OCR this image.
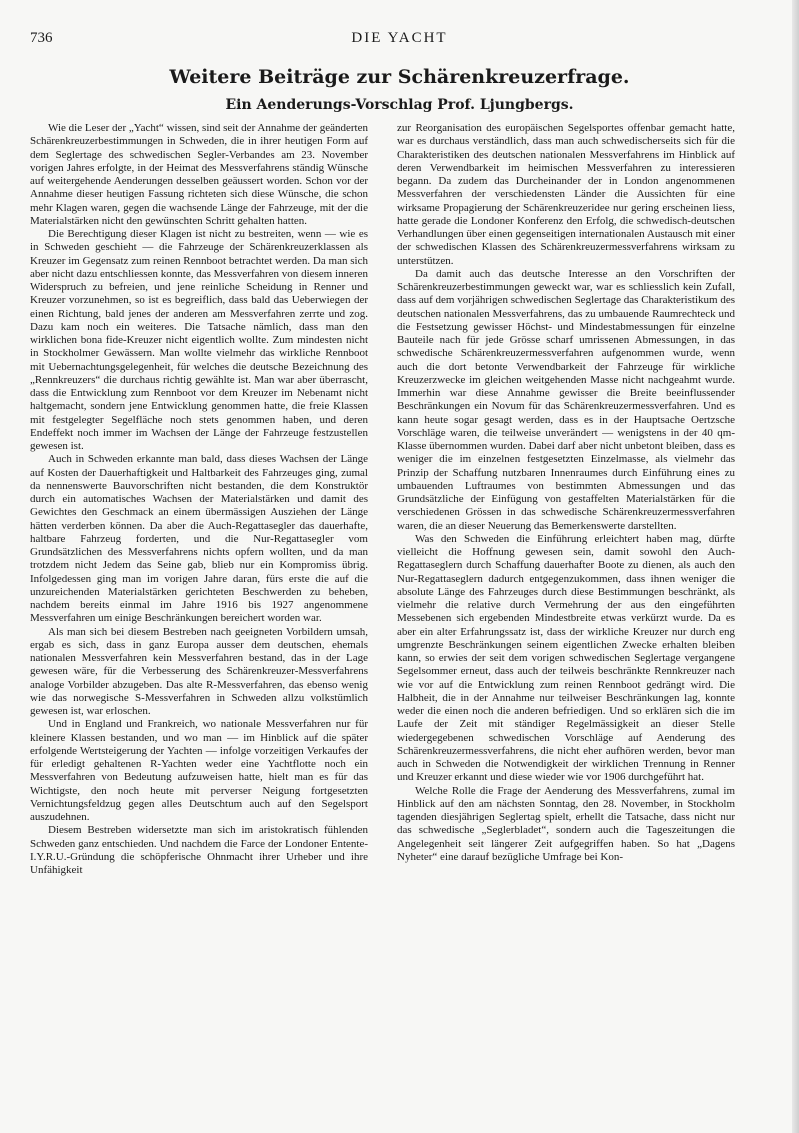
736	DIE YACHT
Weitere Beiträge zur Schärenkreuzerfrage.
Ein Aenderungs-Vorschlag Prof. Ljungbergs.

Wie die Leser der „Yacht“ wissen, sind seit der Annahme der geänderten Schärenkreuzerbestimmungen in Schweden, die in ihrer heutigen Form auf dem Seglertage des schwedischen Segler-Verbandes am 23. November vorigen Jahres erfolgte, in der Heimat des Messverfahrens ständig Wünsche auf weitergehende Aenderungen desselben geäussert worden. Schon vor der Annahme dieser heutigen Fassung richteten sich diese Wünsche, die schon mehr Klagen waren, gegen die wachsende Länge der Fahrzeuge, mit der die Materialstärken nicht den gewünschten Schritt gehalten hatten.

Die Berechtigung dieser Klagen ist nicht zu bestreiten, wenn — wie es in Schweden geschieht — die Fahrzeuge der Schärenkreuzerklassen als Kreuzer im Gegensatz zum reinen Rennboot betrachtet werden. Da man sich aber nicht dazu entschliessen konnte, das Messverfahren von diesem inneren Widerspruch zu befreien, und jene reinliche Scheidung in Renner und Kreuzer vorzunehmen, so ist es begreiflich, dass bald das Ueberwiegen der einen Richtung, bald jenes der anderen am Messverfahren zerrte und zog. Dazu kam noch ein weiteres. Die Tatsache nämlich, dass man den wirklichen bona fide-Kreuzer nicht eigentlich wollte. Zum mindesten nicht in Stockholmer Gewässern. Man wollte vielmehr das wirkliche Rennboot mit Uebernachtungsgelegenheit, für welches die deutsche Bezeichnung des „Rennkreuzers“ die durchaus richtig gewählte ist. Man war aber überrascht, dass die Entwicklung zum Rennboot vor dem Kreuzer im Nebenamt nicht haltgemacht, sondern jene Entwicklung genommen hatte, die freie Klassen mit festgelegter Segelfläche noch stets genommen haben, und deren Endeffekt noch immer im Wachsen der Länge der Fahrzeuge festzustellen gewesen ist.

Auch in Schweden erkannte man bald, dass dieses Wachsen der Länge auf Kosten der Dauerhaftigkeit und Haltbarkeit des Fahrzeuges ging, zumal da nennenswerte Bauvorschriften nicht bestanden, die dem Konstruktör durch ein automatisches Wachsen der Materialstärken und damit des Gewichtes den Geschmack an einem übermässigen Ausziehen der Länge hätten verderben können. Da aber die Auch-Regattasegler das dauerhafte, haltbare Fahrzeug forderten, und die Nur-Regattasegler vom Grundsätzlichen des Messverfahrens nichts opfern wollten, und da man trotzdem nicht Jedem das Seine gab, blieb nur ein Kompromiss übrig. Infolgedessen ging man im vorigen Jahre daran, fürs erste die auf die unzureichenden Materialstärken gerichteten Beschwerden zu beheben, nachdem bereits einmal im Jahre 1916 bis 1927 angenommene Messverfahren um einige Beschränkungen bereichert worden war.

Als man sich bei diesem Bestreben nach geeigneten Vorbildern umsah, ergab es sich, dass in ganz Europa ausser dem deutschen, ehemals nationalen Messverfahren kein Messverfahren bestand, das in der Lage gewesen wäre, für die Verbesserung des Schärenkreuzer-Messverfahrens analoge Vorbilder abzugeben. Das alte R-Messverfahren, das ebenso wenig wie das norwegische S-Messverfahren in Schweden allzu volkstümlich gewesen ist, war erloschen.

Und in England und Frankreich, wo nationale Messverfahren nur für kleinere Klassen bestanden, und wo man — im Hinblick auf die später erfolgende Wertsteigerung der Yachten — infolge vorzeitigen Verkaufes der für erledigt gehaltenen R-Yachten weder eine Yachtflotte noch ein Messverfahren von Bedeutung aufzuweisen hatte, hielt man es für das Wichtigste, den noch heute mit perverser Neigung fortgesetzten Vernichtungsfeldzug gegen alles Deutschtum auch auf den Segelsport auszudehnen.

Diesem Bestreben widersetzte man sich im aristokratisch fühlenden Schweden ganz entschieden. Und nachdem die Farce der Londoner Entente-I.Y.R.U.-Gründung die schöpferische Ohnmacht ihrer Urheber und ihre Unfähigkeit

zur Reorganisation des europäischen Segelsportes offenbar gemacht hatte, war es durchaus verständlich, dass man auch schwedischerseits sich für die Charakteristiken des deutschen nationalen Messverfahrens im Hinblick auf deren Verwendbarkeit im heimischen Messverfahren zu interessieren begann. Da zudem das Durcheinander der in London angenommenen Messverfahren der verschiedensten Länder die Aussichten für eine wirksame Propagierung der Schärenkreuzeridee nur gering erscheinen liess, hatte gerade die Londoner Konferenz den Erfolg, die schwedisch-deutschen Verhandlungen über einen gegenseitigen internationalen Austausch mit einer der schwedischen Klassen des Schärenkreuzermessverfahrens wirksam zu unterstützen.

Da damit auch das deutsche Interesse an den Vorschriften der Schärenkreuzerbestimmungen geweckt war, war es schliesslich kein Zufall, dass auf dem vorjährigen schwedischen Seglertage das Charakteristikum des deutschen nationalen Messverfahrens, das zu umbauende Raumrechteck und die Festsetzung gewisser Höchst- und Mindestabmessungen für einzelne Bauteile nach für jede Grösse scharf umrissenen Abmessungen, in das schwedische Schärenkreuzermessverfahren aufgenommen wurde, wenn auch die dort betonte Verwendbarkeit der Fahrzeuge für wirkliche Kreuzerzwecke im gleichen weitgehenden Masse nicht nachgeahmt wurde. Immerhin war diese Annahme gewisser die Breite beeinflussender Beschränkungen ein Novum für das Schärenkreuzermessverfahren. Und es kann heute sogar gesagt werden, dass es in der Hauptsache Oertzsche Vorschläge waren, die teilweise unverändert — wenigstens in der 40 qm-Klasse übernommen wurden. Dabei darf aber nicht unbetont bleiben, dass es weniger die im einzelnen festgesetzten Einzelmasse, als vielmehr das Prinzip der Schaffung nutzbaren Innenraumes durch Einführung eines zu umbauenden Luftraumes von bestimmten Abmessungen und das Grundsätzliche der Einfügung von gestaffelten Materialstärken für die verschiedenen Grössen in das schwedische Schärenkreuzermessverfahren waren, die an dieser Neuerung das Bemerkenswerte darstellten.

Was den Schweden die Einführung erleichtert haben mag, dürfte vielleicht die Hoffnung gewesen sein, damit sowohl den Auch-Regattaseglern durch Schaffung dauerhafter Boote zu dienen, als auch den Nur-Regattaseglern dadurch entgegenzukommen, dass ihnen weniger die absolute Länge des Fahrzeuges durch diese Bestimmungen beschränkt, als vielmehr die relative durch Vermehrung der aus den eingeführten Messebenen sich ergebenden Mindestbreite etwas verkürzt wurde. Da es aber ein alter Erfahrungssatz ist, dass der wirkliche Kreuzer nur durch eng umgrenzte Beschränkungen seinem eigentlichen Zwecke erhalten bleiben kann, so erwies der seit dem vorigen schwedischen Seglertage vergangene Segelsommer erneut, dass auch der teilweis beschränkte Rennkreuzer nach wie vor auf die Entwicklung zum reinen Rennboot gedrängt wird. Die Halbheit, die in der Annahme nur teilweiser Beschränkungen lag, konnte weder die einen noch die anderen befriedigen. Und so erklären sich die im Laufe der Zeit mit ständiger Regelmässigkeit an dieser Stelle wiedergegebenen schwedischen Vorschläge auf Aenderung des Schärenkreuzermessverfahrens, die nicht eher aufhören werden, bevor man auch in Schweden die Notwendigkeit der wirklichen Trennung in Renner und Kreuzer erkannt und diese wieder wie vor 1906 durchgeführt hat.

Welche Rolle die Frage der Aenderung des Messverfahrens, zumal im Hinblick auf den am nächsten Sonntag, den 28. November, in Stockholm tagenden diesjährigen Seglertag spielt, erhellt die Tatsache, dass nicht nur das schwedische „Seglerbladet“, sondern auch die Tageszeitungen die Angelegenheit seit längerer Zeit aufgegriffen haben. So hat „Dagens Nyheter“ eine darauf bezügliche Umfrage bei Kon-
